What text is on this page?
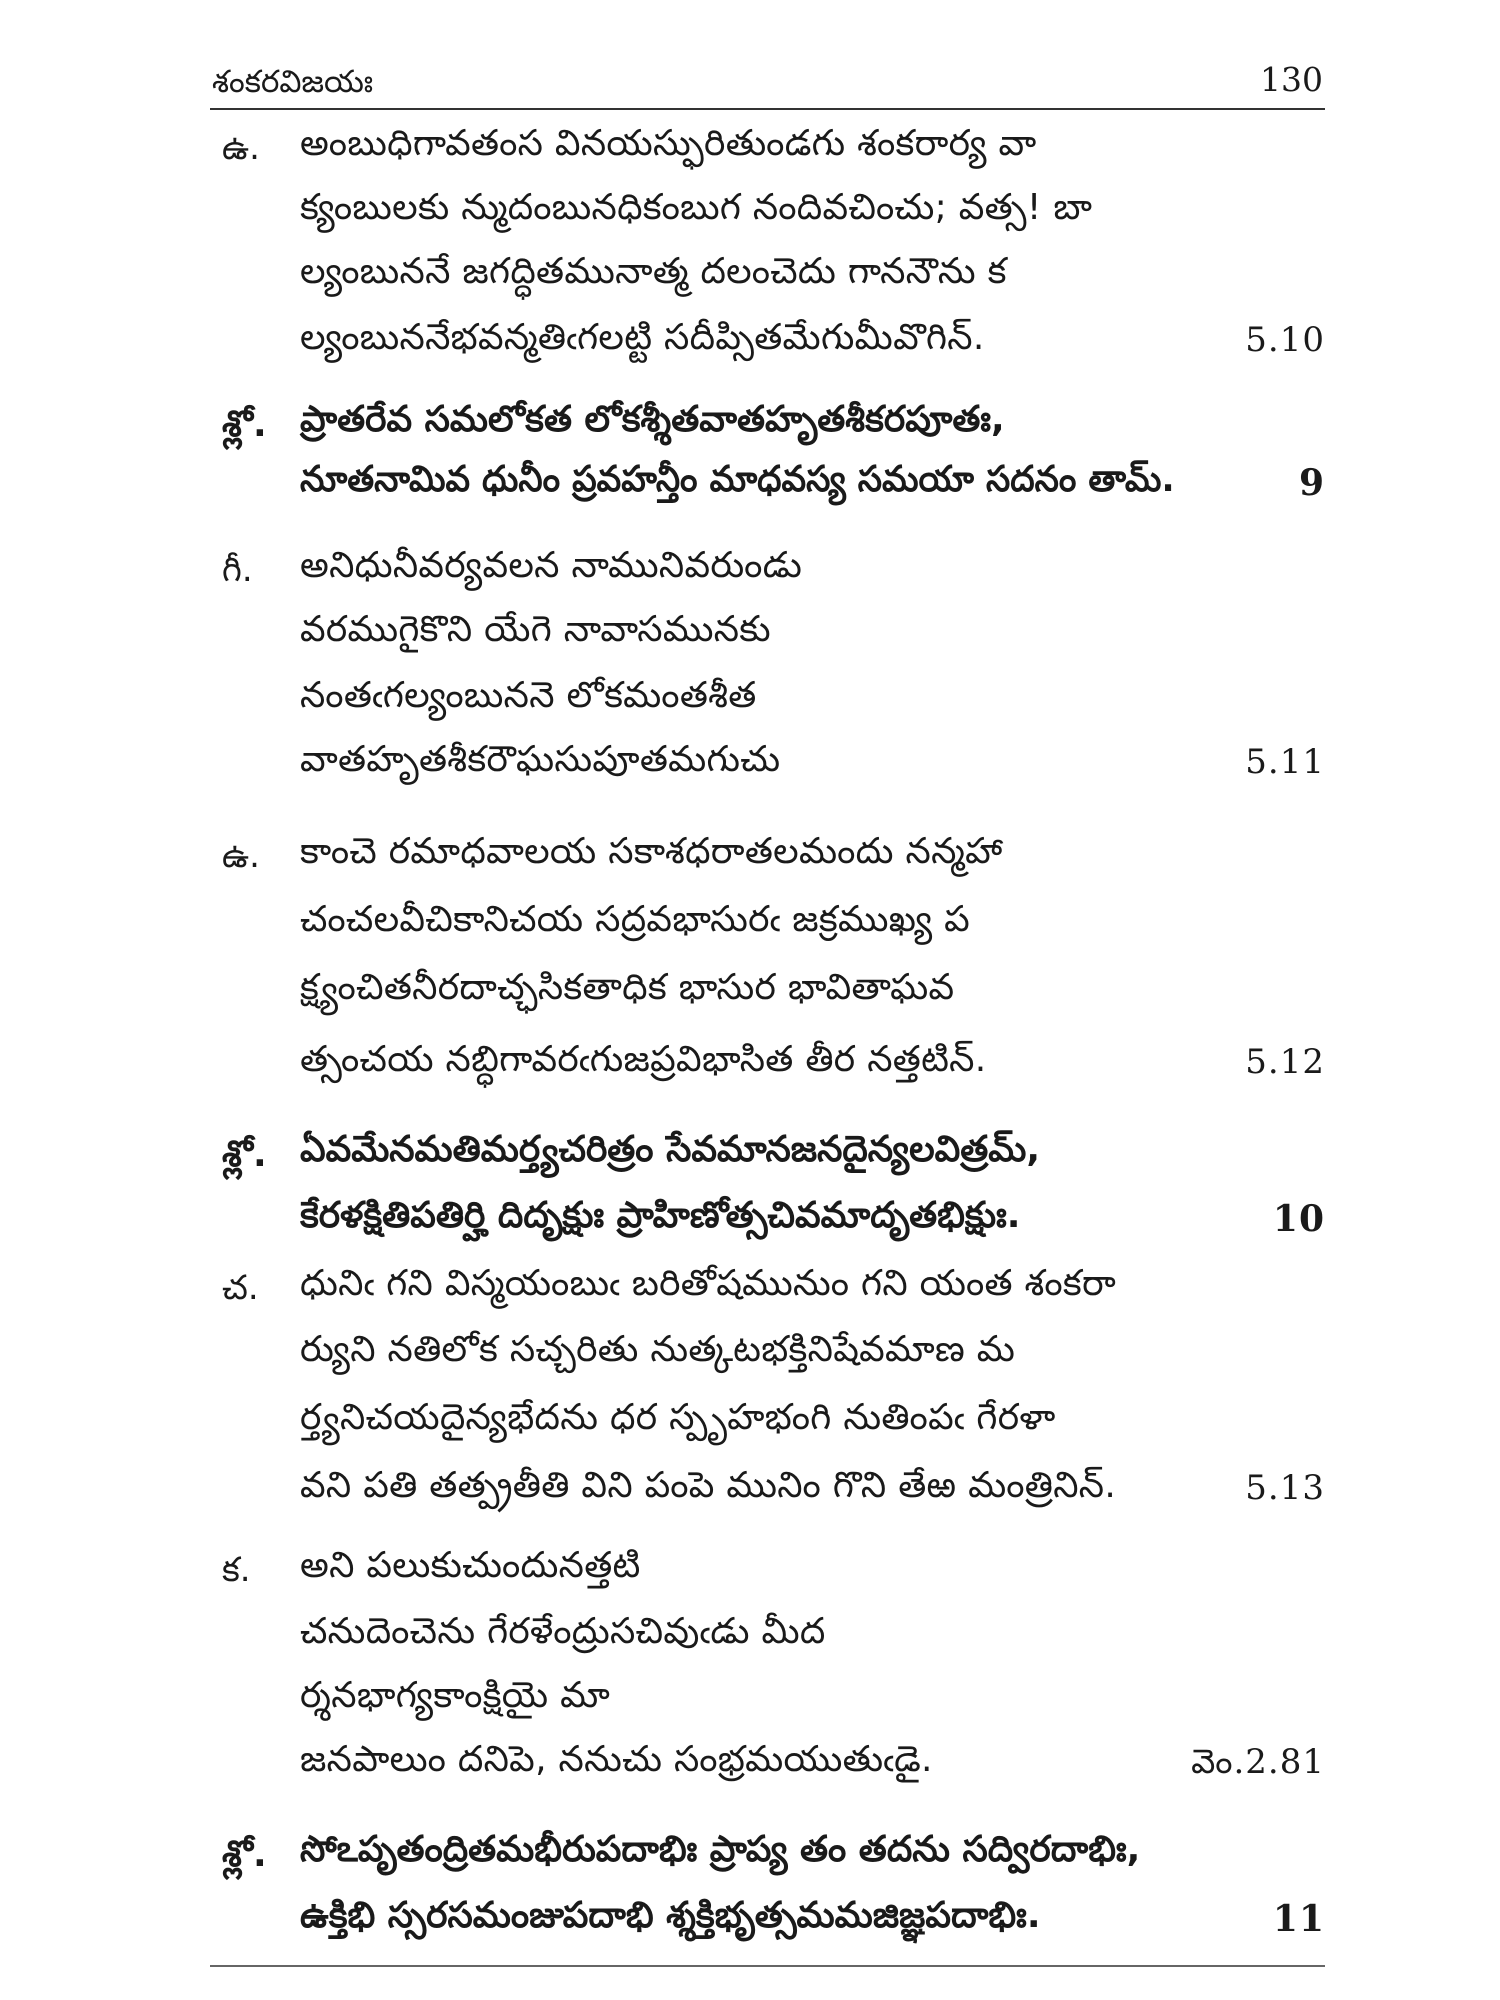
శంకరవిజయః	130
ఉ. అంబుధిగావతంస వినయస్ఫురితుండగు శంకరార్య వా
క్యంబులకు న్ముదంబునధికంబుగ నందివచించు; వత్స! బా
ల్యంబుననే జగద్ధితమునాత్మ దలంచెదు గాననౌను క
ల్యంబుననేభవన్మతిఁగలట్టి సదీప్సితమేగుమీవొగిన్.	5.10
శ్లో. ప్రాతరేవ సమలోకత లోకశ్శీతవాతహృతశీకరపూతః,
నూతనామివ ధునీం ప్రవహన్తీం మాధవస్య సమయా సదనం తామ్.	9
గీ. అనిధునీవర్యవలన నామునివరుండు
వరముగైకొని యేగె నావాసమునకు
నంతఁగల్యంబుననె లోకమంతశీత
వాతహృతశీకరౌఘసుపూతమగుచు	5.11
ఉ. కాంచె రమాధవాలయ సకాశధరాతలమందు నన్మహా
చంచలవీచికానిచయ సద్రవభాసురఁ జక్రముఖ్య ప
క్ష్యంచితనీరదాచ్ఛసికతాధిక భాసుర భావితాఘవ
త్సంచయ నబ్ధిగావరఁగుజప్రవిభాసిత తీర నత్తటిన్.	5.12
శ్లో. ఏవమేనమతిమర్త్యచరిత్రం సేవమానజనదైన్యలవిత్రమ్,
కేరళక్షితిపతిర్హి దిదృక్షుః ప్రాహిణోత్సచివమాదృతభిక్షుః.	10
చ. ధునిఁ గని విస్మయంబుఁ బరితోషమునుం గని యంత శంకరా
ర్యుని నతిలోక సచ్చరితు నుత్కటభక్తినిషేవమాణ మ
ర్త్యనిచయదైన్యభేదను ధర స్పృహభంగి నుతింపఁ గేరళా
వని పతి తత్ప్రతీతి విని పంపె మునిం గొని తేఱ మంత్రినిన్.	5.13
క. అని పలుకుచుందునత్తటి
చనుదెంచెను గేరళేంద్రుసచివుఁడు మీద
ర్శనభాగ్యకాంక్షియై మా
జనపాలుం దనిపె, ననుచు సంభ్రమయుతుఁడై.	వెం.2.81
శ్లో. సోఽపృతంద్రితమభీరుపదాభిః ప్రాప్య తం తదను సద్విరదాభిః,
ఉక్తిభి స్సరసమంజుపదాభి శ్శక్తిభృత్సమమజిజ్ఞపదాభిః.	11
